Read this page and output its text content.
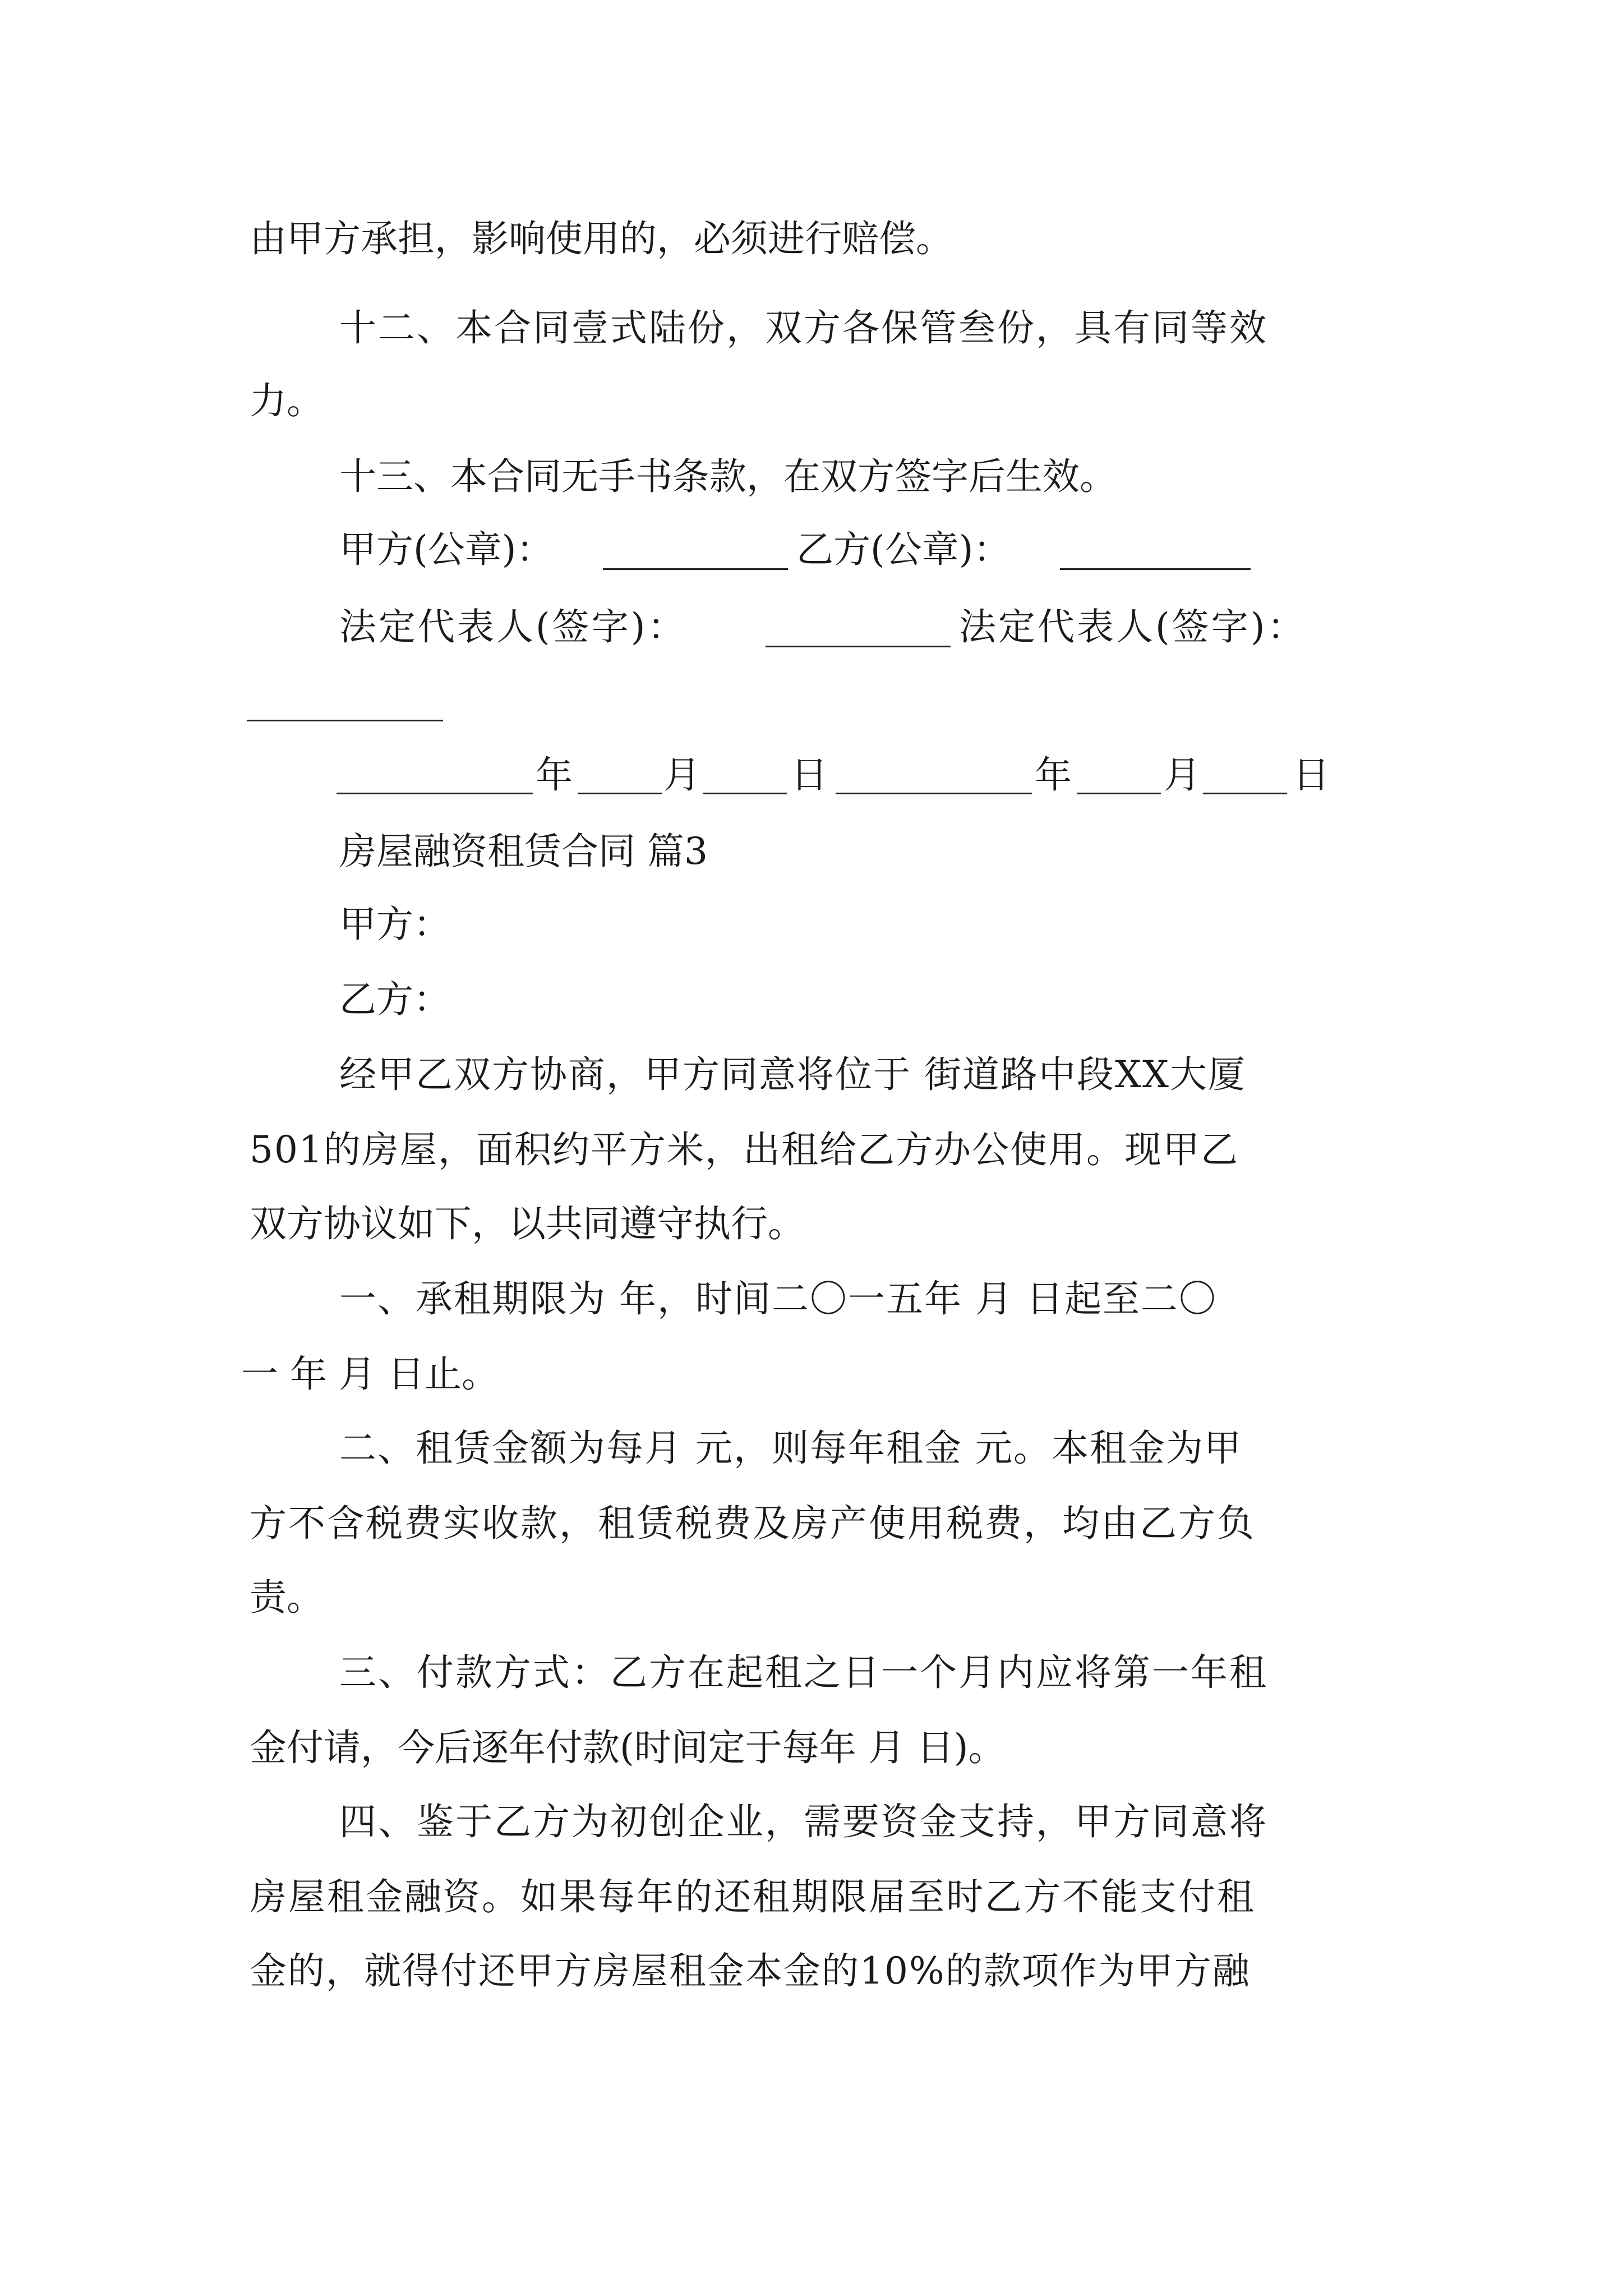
由甲方承担，影响使用的，必须进行赔偿。
十二、本合同壹式陆份，双方各保管叁份，具有同等效
力。
十三、本合同无手书条款，在双方签字后生效。
甲方(公章)：	乙方(公章)：
法定代表人(签字)：	法定代表人(签字)：
年 月 日	年 月 日
房屋融资租赁合同 篇3
甲方：
乙方：
经甲乙双方协商，甲方同意将位于 街道路中段XX大厦
501的房屋，面积约平方米，出租给乙方办公使用。现甲乙
双方协议如下，以共同遵守执行。
一、承租期限为 年，时间二〇一五年 月 日起至二〇
一 年 月 日止。
二、租赁金额为每月 元，则每年租金 元。本租金为甲
方不含税费实收款，租赁税费及房产使用税费，均由乙方负
责。
三、付款方式：乙方在起租之日一个月内应将第一年租
金付请，今后逐年付款(时间定于每年 月 日)。
四、鉴于乙方为初创企业，需要资金支持，甲方同意将
房屋租金融资。如果每年的还租期限届至时乙方不能支付租
金的，就得付还甲方房屋租金本金的10%的款项作为甲方融
